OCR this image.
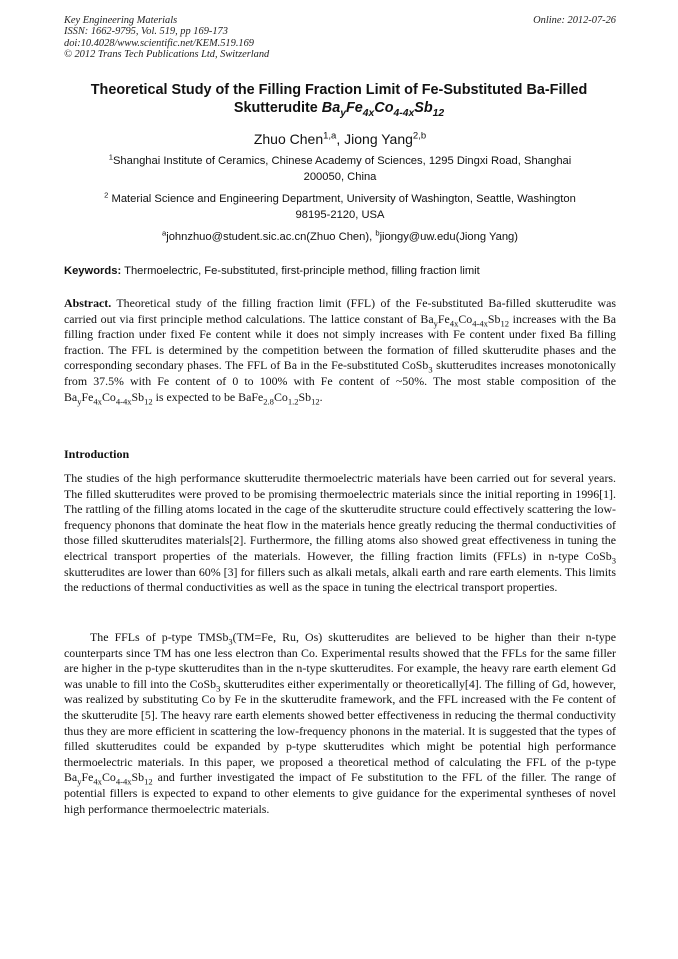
Key Engineering Materials
ISSN: 1662-9795, Vol. 519, pp 169-173
doi:10.4028/www.scientific.net/KEM.519.169
© 2012 Trans Tech Publications Ltd, Switzerland
Online: 2012-07-26
Theoretical Study of the Filling Fraction Limit of Fe-Substituted Ba-Filled
Skutterudite $Ba_yFe_{4x}Co_{4-4x}Sb_{12}$
Zhuo Chen$^{1,a}$, Jiong Yang$^{2,b}$
$^1$Shanghai Institute of Ceramics, Chinese Academy of Sciences, 1295 Dingxi Road, Shanghai
200050, China
$^2$ Material Science and Engineering Department, University of Washington, Seattle, Washington
98195-2120, USA
$^a$johnzhuo@student.sic.ac.cn(Zhuo Chen), $^b$jiongy@uw.edu(Jiong Yang)
Keywords: Thermoelectric, Fe-substituted, first-principle method, filling fraction limit
Abstract. Theoretical study of the filling fraction limit (FFL) of the Fe-substituted Ba-filled skutterudite was carried out via first principle method calculations. The lattice constant of $Ba_yFe_{4x}Co_{4-4x}Sb_{12}$ increases with the Ba filling fraction under fixed Fe content while it does not simply increases with Fe content under fixed Ba filling fraction. The FFL is determined by the competition between the formation of filled skutterudite phases and the corresponding secondary phases. The FFL of Ba in the Fe-substituted CoSb$_3$ skutterudites increases monotonically from 37.5% with Fe content of 0 to 100% with Fe content of ~50%. The most stable composition of the $Ba_yFe_{4x}Co_{4-4x}Sb_{12}$ is expected to be $BaFe_{2.8}Co_{1.2}Sb_{12}$.
Introduction
The studies of the high performance skutterudite thermoelectric materials have been carried out for several years. The filled skutterudites were proved to be promising thermoelectric materials since the initial reporting in 1996[1]. The rattling of the filling atoms located in the cage of the skutterudite structure could effectively scattering the low-frequency phonons that dominate the heat flow in the materials hence greatly reducing the thermal conductivities of those filled skutterudites materials[2]. Furthermore, the filling atoms also showed great effectiveness in tuning the electrical transport properties of the materials. However, the filling fraction limits (FFLs) in n-type CoSb$_3$ skutterudites are lower than 60% [3] for fillers such as alkali metals, alkali earth and rare earth elements. This limits the reductions of thermal conductivities as well as the space in tuning the electrical transport properties.
The FFLs of p-type TMSb$_3$(TM=Fe, Ru, Os) skutterudites are believed to be higher than their n-type counterparts since TM has one less electron than Co. Experimental results showed that the FFLs for the same filler are higher in the p-type skutterudites than in the n-type skutterudites. For example, the heavy rare earth element Gd was unable to fill into the CoSb$_3$ skutterudites either experimentally or theoretically[4]. The filling of Gd, however, was realized by substituting Co by Fe in the skutterudite framework, and the FFL increased with the Fe content of the skutterudite [5]. The heavy rare earth elements showed better effectiveness in reducing the thermal conductivity thus they are more efficient in scattering the low-frequency phonons in the material. It is suggested that the types of filled skutterudites could be expanded by p-type skutterudites which might be potential high performance thermoelectric materials. In this paper, we proposed a theoretical method of calculating the FFL of the p-type $Ba_yFe_{4x}Co_{4-4x}Sb_{12}$ and further investigated the impact of Fe substitution to the FFL of the filler. The range of potential fillers is expected to expand to other elements to give guidance for the experimental syntheses of novel high performance thermoelectric materials.
